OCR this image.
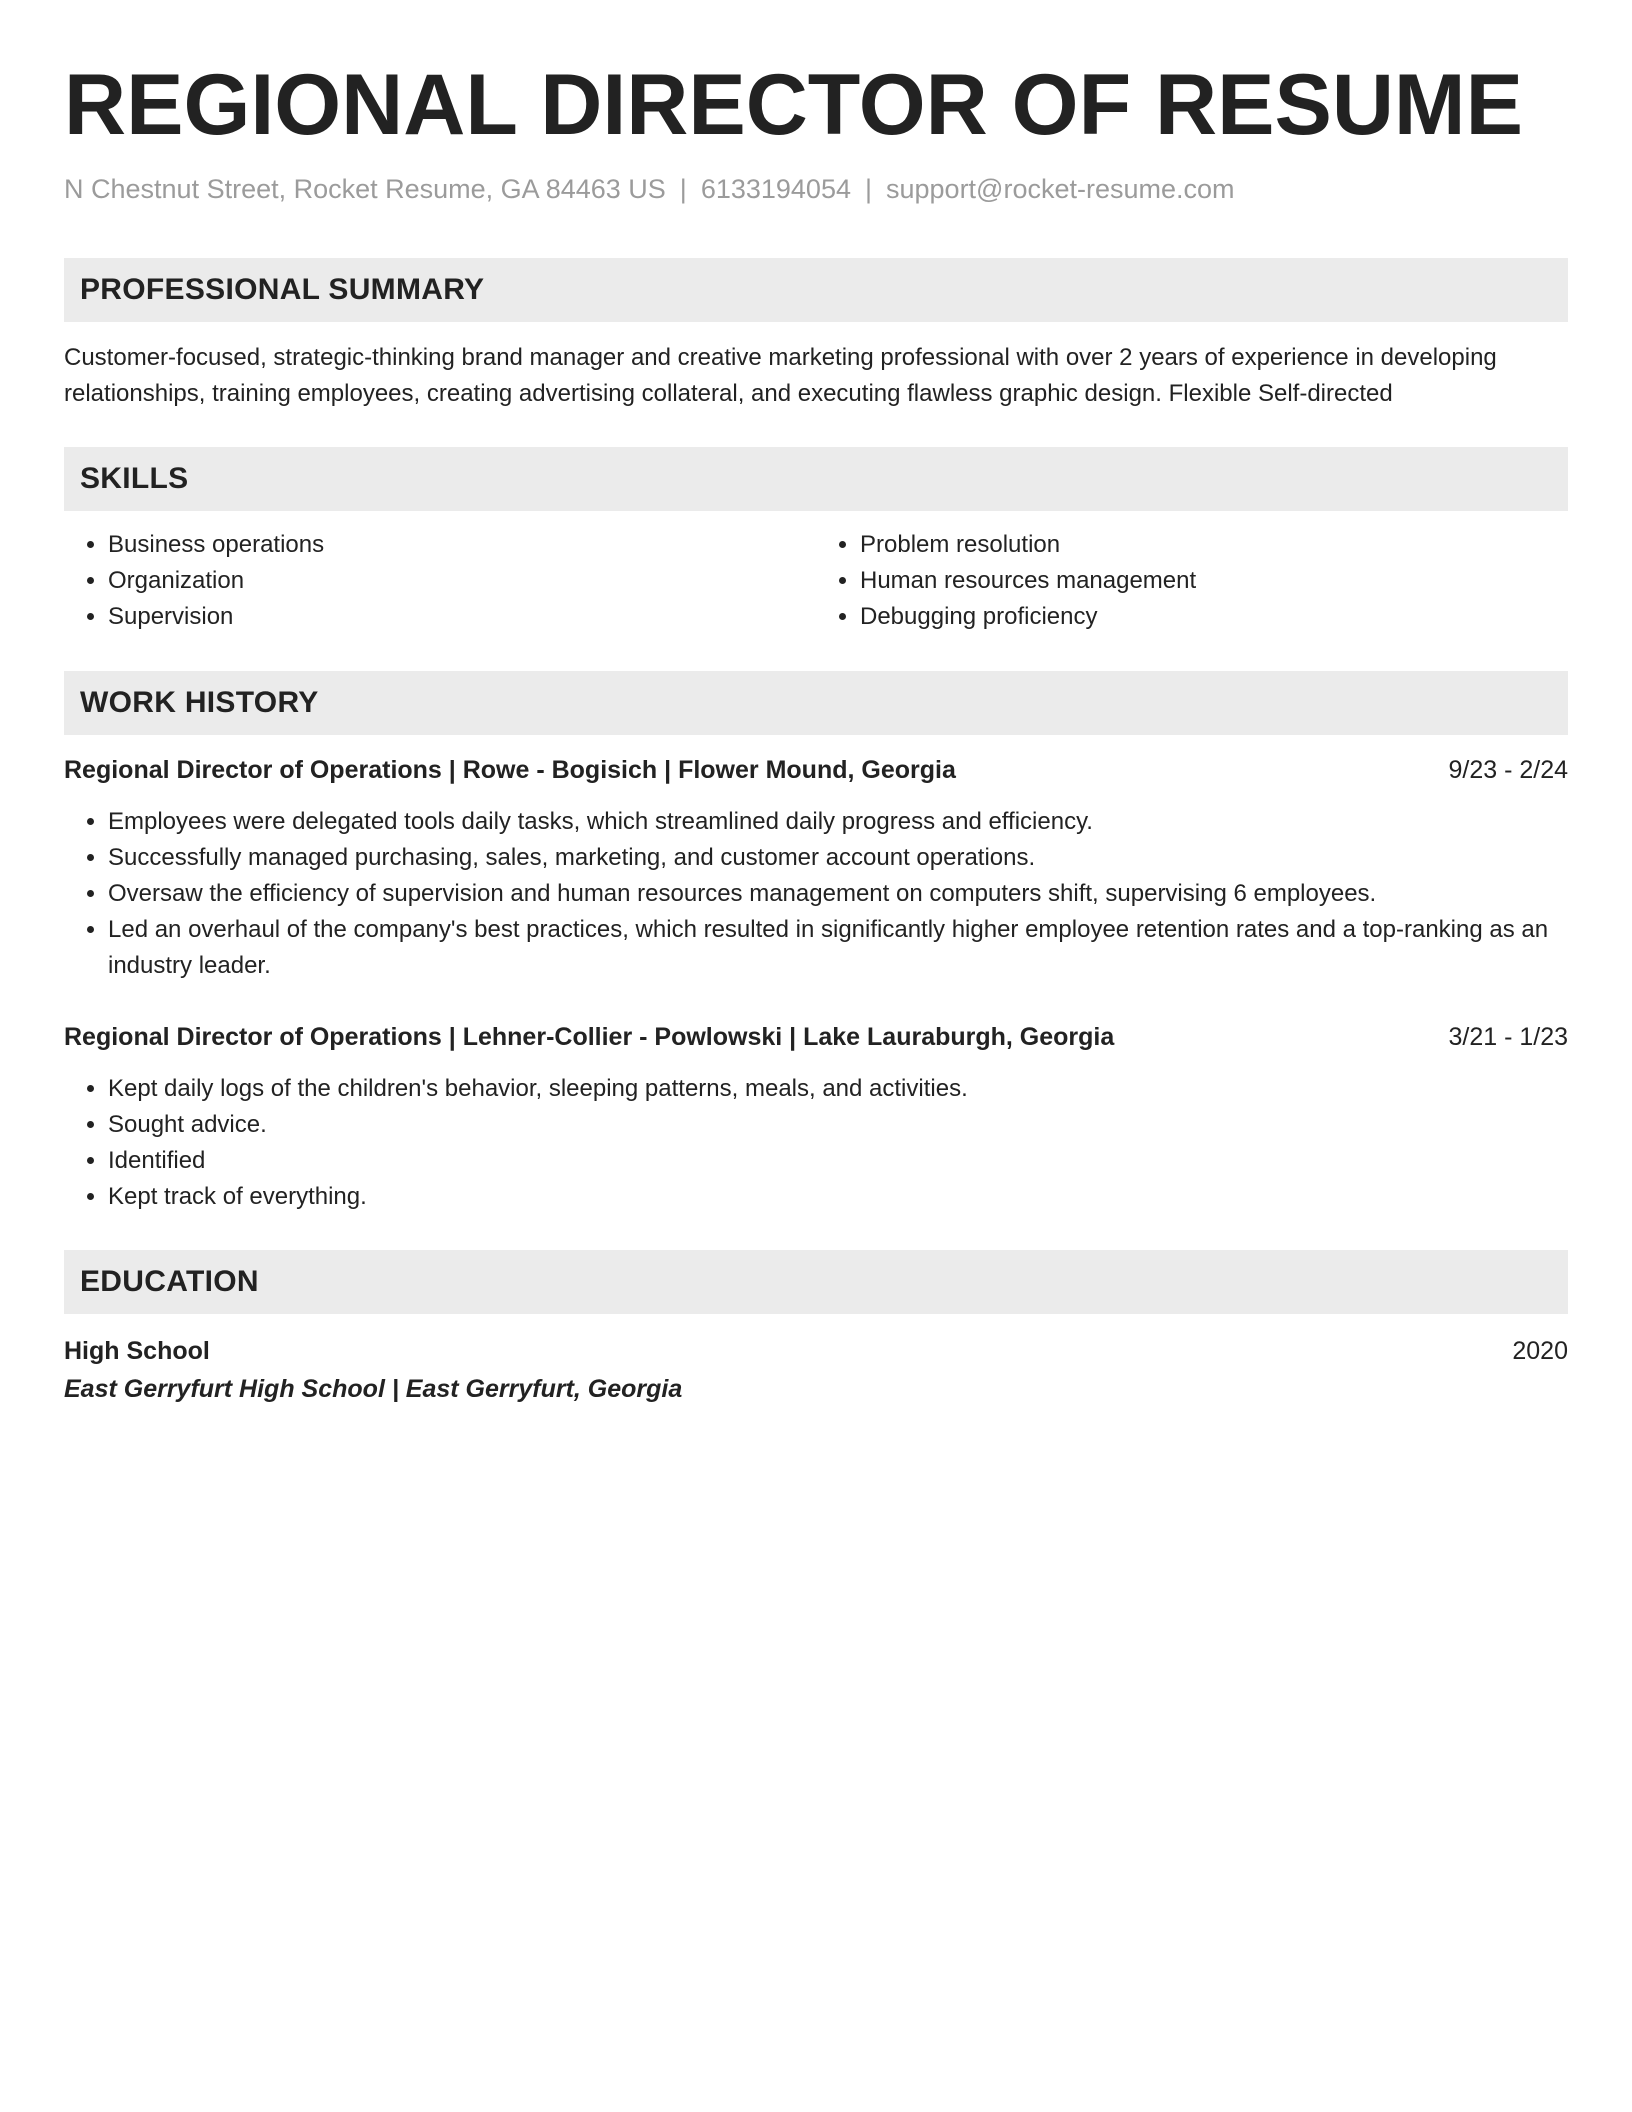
REGIONAL DIRECTOR OF RESUME
N Chestnut Street, Rocket Resume, GA 84463 US | 6133194054 | support@rocket-resume.com
PROFESSIONAL SUMMARY
Customer-focused, strategic-thinking brand manager and creative marketing professional with over 2 years of experience in developing relationships, training employees, creating advertising collateral, and executing flawless graphic design. Flexible Self-directed
SKILLS
• Business operations
• Organization
• Supervision
• Problem resolution
• Human resources management
• Debugging proficiency
WORK HISTORY
Regional Director of Operations | Rowe - Bogisich | Flower Mound, Georgia	9/23 - 2/24
• Employees were delegated tools daily tasks, which streamlined daily progress and efficiency.
• Successfully managed purchasing, sales, marketing, and customer account operations.
• Oversaw the efficiency of supervision and human resources management on computers shift, supervising 6 employees.
• Led an overhaul of the company's best practices, which resulted in significantly higher employee retention rates and a top-ranking as an industry leader.
Regional Director of Operations | Lehner-Collier - Powlowski | Lake Lauraburgh, Georgia	3/21 - 1/23
• Kept daily logs of the children's behavior, sleeping patterns, meals, and activities.
• Sought advice.
• Identified
• Kept track of everything.
EDUCATION
High School	2020
East Gerryfurt High School | East Gerryfurt, Georgia
